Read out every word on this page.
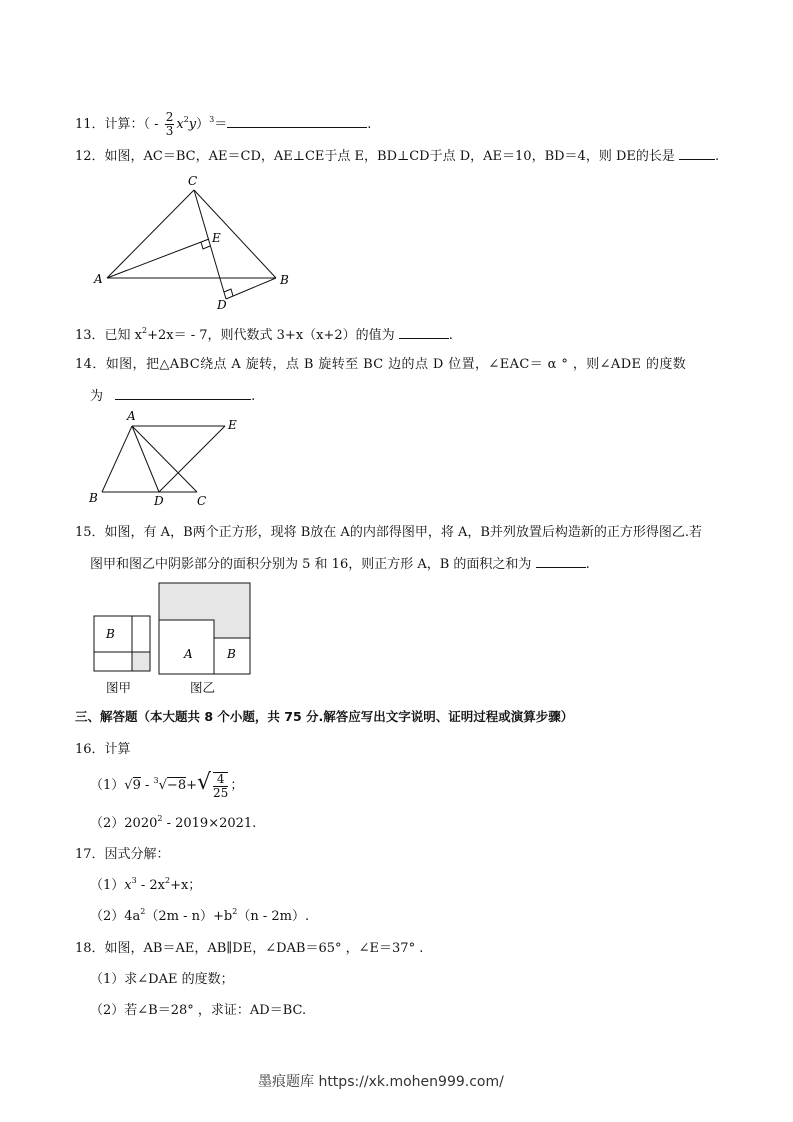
11．计算：（ - $\frac{2}{3} x^2y)^3=$	.
12．如图，AC＝BC，AE＝CD，AE⊥CE于点 E，BD⊥CD于点 D，AE＝10，BD＝4，则 DE的长是	.
C
E
A	B
D
13．已知 $x^2+2x= - 7$，则代数式 3+x（x+2）的值为	.
14．如图，把△ABC绕点 A 旋转，点 B 旋转至 BC 边的点 D 位置，∠EAC＝ α ° ，则∠ADE 的度数
为	.
A
E
B	D	C
15．如图，有 A，B两个正方形，现将 B放在 A的内部得图甲，将 A，B并列放置后构造新的正方形得图乙.若
图甲和图乙中阴影部分的面积分别为 5 和 16，则正方形 A，B 的面积之和为	.
B
A	B
图甲	图乙
三、解答题（本大题共 8 个小题，共 75 分.解答应写出文字说明、证明过程或演算步骤）
16．计算
$(1)√9 - ^3√-8+√ \frac{4}{25}$ ；
（2）2020$^2$ - 2019×2021.
17．因式分解：
$(1)x^3 - 2x^2+x$；
$(2)4a^2(2m - n)+b^2(n - 2m)$.
18．如图，AB＝AE，AB∥DE，∠DAB＝65° ，∠E＝37° .
（1）求∠DAE 的度数；
（2）若∠B＝28° ，求证：AD＝BC.
墨痕题库 https://xk.mohen999.com/
